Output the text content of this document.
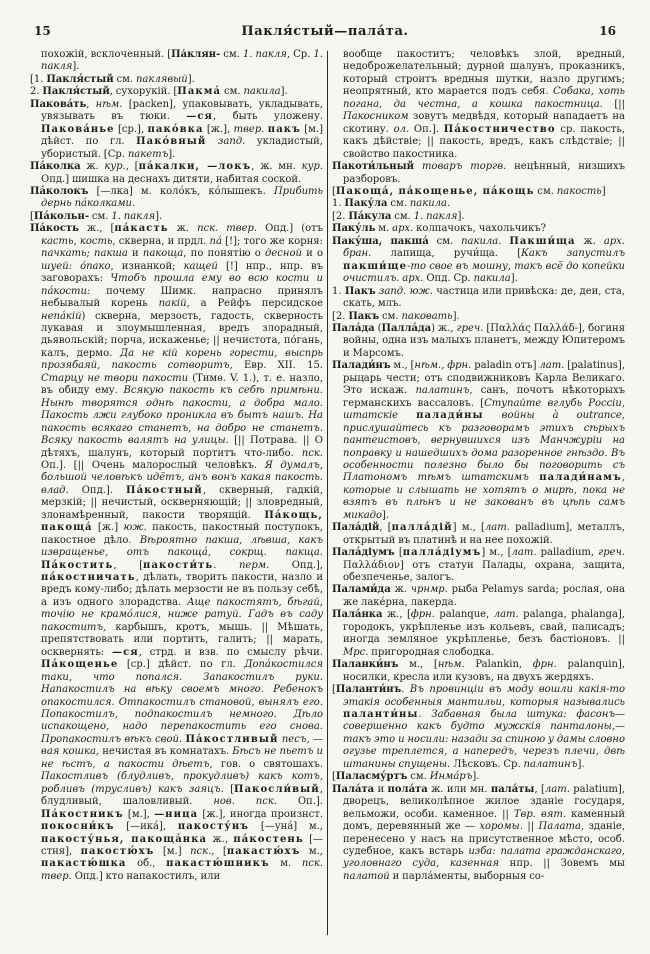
15	Пакля́стый—пала́та.	16

похожій, всклоченный. [Па́клян- см. 1. пакля, Ср. 1. пакля].

[1. Пакля́стый см. паклявый].

2. Пакля́стый, сухорукій. [Пакма́ см. пакила].

Пакова́ть, нѣм. [packen], упаковывать, укладывать, увязывать въ тюки. —ся, быть уложену. Пакова́нье [ср.], пако́вка [ж.], твер. пакъ [м.] дѣйст. по гл. Пако́вный запд. укладистый, убористый. [Ср. пакетъ].

Па́колка ж. кур., [па́калки, —локъ, ж. мн. кур. Опд.] шишка на деснахъ дитяти, набитая соской.

Па́колокъ [—лка] м. коло́къ, ко́лышекъ. Прибить дернь па́колками.

[Па́кольн- см. 1. пакля].

Па́кость ж., [па́касть ж. пск. твер. Опд.] (отъ касть, кость, скверна, и прдл. па́ [!]; того же корня: пачкать; пакша и пакоща, по понятію о десной и о шуей: о́пако, изнанкой; кащей [!] нпр., нпр. въ заговорахъ: Чтобъ прошла ему во всю кости и па́кости: почему Шимк. напрасно принялъ небывалый корень пакій, а Рейфъ персидское непа́кій) скверна, мерзость, гадость, скверность лукавая и злоумышленная, вредъ злорадный, дьявольскій; порча, искаженье; || нечистота, по́гань, калъ, дермо. Да не кій корень горести, выспрь прозябаяй, пакость сотворитъ, Евр. XII. 15. Старцу не твори пакости (Тимѳ. V. 1.), т. е. назло, въ обиду ему. Всякую пакость къ себѣ примѣни. Нынѣ творятся однѣ пакости, а добра мало. Пакость лжи глубоко проникла въ бытъ нашъ. На пакость всякаго станетъ, на добро не станетъ. Всяку пакость валятъ на улицы. [|| Потрава. || О дѣтяхъ, шалунъ, который портитъ что-либо. пск. Оп.]. [|| Очень малорослый человѣкъ. Я думалъ, большой человѣкъ идётъ, анъ вонъ какая пакость. влад. Опд.]. Па́костный, скверный, гадкій, мерзкій; || нечистый, оскверняющій; || зловредный, злонамѣренный, пакости творящій. Па́кощь, пакоща́ [ж.] юж. пакость, пакостный поступокъ, пакостное дѣло. Вѣроятно пакша, лѣвша, какъ извращенье, отъ пакоща́, сокрщ. пакща. Па́костить, [пакости́ть. перм. Опд.], па́костничать, дѣлать, творить пакости, назло и вредъ кому-либо; дѣлать мерзости не въ пользу себѣ, а изъ одного злорадства. Аще пакостятъ, бѣгай, точію не крамо́лися, ниже ратуй. Гадъ въ саду пакоститъ, карбышъ, кротъ, мышь. || Мѣшать, препятствовать или портить, галить; || марать, осквернять: —ся, стрд. и взв. по смыслу рѣчи. Па́кощенье [ср.] дѣйст. по гл. Допа́костился таки, что попался. Запакостилъ руки. Напакостилъ на вѣку своемъ много. Ребенокъ опакостился. Отпакостилъ становой, вынялъ его. Попакостилъ, подпакостилъ немного. Дѣло испакощено, надо перепакостить его снова. Пропакостилъ вѣкъ свой. Па́костливый песъ, —вая кошка, нечистая въ комнатахъ. Бѣсъ не пьетъ и не ѣстъ, а пакости дѣетъ, гов. о святошахъ. Пакостливъ (блудливъ, прокудливъ) какъ котъ, робливъ (трусливъ) какъ заяцъ. [Пакосли́вый, блудливый, шаловливый. нов. пск. Оп.]. Па́костникъ [м.], —ница [ж.], иногда произнст. покосни́къ [—ика́], пакосту́нъ [—уна́] м., пакосту́нья, пакоща́нка ж., па́костень [—стня], пакостю́хъ [м.] пск., [пакастю́хъ м., пакастю́шка об., пакастю́шникъ м. пск. твер. Опд.] кто напакостилъ, или

вообще пакоститъ; человѣкъ злой, вредный, недоброжелательный; дурной шалунъ, проказникъ, который строитъ вредныя шутки, назло другимъ; неопрятный, кто марается подъ себя. Собака, хоть погана, да честна, а кошка пакостница. [|| Пакосником зовутъ медвѣдя, который нападаетъ на скотину. ол. Оп.]. Па́костничество ср. пакость, какъ дѣйствіе; || пакость, вредъ, какъ слѣдствіе; || свойство пакостника.

Пакоти́льный товаръ торгв. нецѣнный, низшихъ разборовъ.

[Пакоща́, па́кощенье, па́кощь см. пакость]

1. Паку́ла см. пакила.

[2. Па́кула см. 1. пакля].

Паку́ль м. арх. колпачокъ, чахольчикъ?

Паку́ша, пакша́ см. пакила. Пакши́ща ж. арх. бран. лапища, ручи́ща. [Какъ запустилъ пакши́ще-то свое въ мошну, такъ всё до копейки очистилъ. арх. Опд. Ср. пакила].

1. Пакъ запд. юж. частица или привѣска: де, деи, ста, скать, млъ.

[2. Пакъ см. паковать].

Пала́да (Палла́да) ж., греч. [Παλλάς Παλλάδ-], богиня войны, одна изъ малыхъ планетъ, между Юпитеромъ и Марсомъ.

Палади́нъ м., [нѣм., фрн. paladin отъ] лат. [palatinus], рыцарь чести; отъ сподвижниковъ Карла Великаго. Это искаж. палатинъ, санъ, почотъ нѣкоторыхъ германскихъ вассаловъ. [Ступайте вглубь Россіи, штатскіе палади́ны войны à outrance, прислушайтесь къ разговорамъ этихъ сѣрыхъ пантеистовъ, вернувшихся изъ Манчжуріи на поправку и нашедшихъ дома разоренное гнѣздо. Въ особенности полезно было бы поговорить съ Платономъ тѣмъ штатскимъ палади́намъ, которые и слышать не хотятъ о мирѣ, пока не взятъ въ плѣнъ и не закованъ въ цѣпь самъ микадо].

Пала́дій, [палла́дій] м., [лат. palladium], металлъ, открытый въ платинѣ и на нее похожій.

Пала́діумъ [палла́діумъ] м., [лат. palladium, греч. Παλλάδιον] отъ статуи Палады, охрана, защита, обезпеченье, залогъ.

Палами́да ж. чрнмр. рыба Pelamys sarda; рослая, она же лаке́рна, лакерда.

Пала́нка ж., [фрн. palanque, лат. palanga, phalanga], городокъ, укрѣпленье изъ кольевъ, свай, палисадъ; иногда земляное укрѣпленье, безъ бастіоновъ. || Мрс. пригородная слободка.

Паланки́нъ м., [нѣм. Palankin, фрн. palanquin], носилки, кресла или кузовъ, на двухъ жердяхъ.

[Паланти́нъ. Въ провинціи въ моду вошли какія-то этакія особенныя мантильи, которыя назывались паланти́ны. Забавная была штука: фасонъ—совершенно какъ будто мужскія панталоны,—такъ это и носили: назади за спиною у дамы словно огузье треплется, а напередъ, черезъ плечи, двѣ штанины спущены. Лѣсковъ. Ср. палатинъ].

[Паласму́ртъ см. Инма́ръ].

Пала́та и пола́та ж. или мн. пала́ты, [лат. palatium], дворецъ, великолѣпное жилое зданіе государя, вельможи, особи. каменное. || Твр. вят. каменный домъ, деревянный же — хоромы. || Палата, зданіе, перенесено у насъ на присутственное мѣсто, особ. судебное, какъ встарь изба: палата гражданскаго, уголовнаго суда, казенная нпр. || Зовемъ мы палатой и парла́менты, выборныя со-
